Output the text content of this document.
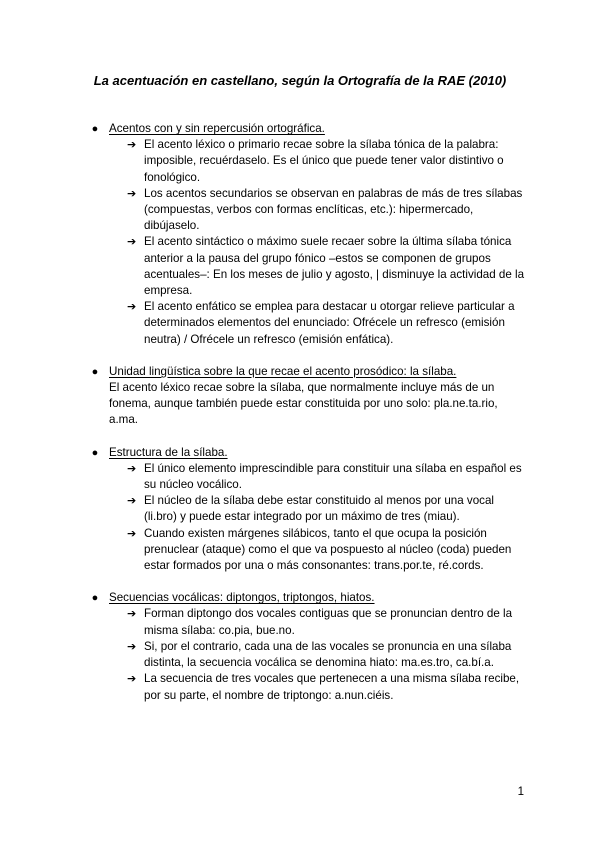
La acentuación en castellano, según la Ortografía de la RAE (2010)
● Acentos con y sin repercusión ortográfica.
➔ El acento léxico o primario recae sobre la sílaba tónica de la palabra: imposible, recuérdaselo. Es el único que puede tener valor distintivo o fonológico.
➔ Los acentos secundarios se observan en palabras de más de tres sílabas (compuestas, verbos con formas enclíticas, etc.): hipermercado, dibújaselo.
➔ El acento sintáctico o máximo suele recaer sobre la última sílaba tónica anterior a la pausa del grupo fónico –estos se componen de grupos acentuales–: En los meses de julio y agosto, | disminuye la actividad de la empresa.
➔ El acento enfático se emplea para destacar u otorgar relieve particular a determinados elementos del enunciado: Ofrécele un refresco (emisión neutra) / Ofrécele un refresco (emisión enfática).
● Unidad lingüística sobre la que recae el acento prosódico: la sílaba.

El acento léxico recae sobre la sílaba, que normalmente incluye más de un fonema, aunque también puede estar constituida por uno solo: pla.ne.ta.rio, a.ma.

● Estructura de la sílaba.
➔ El único elemento imprescindible para constituir una sílaba en español es su núcleo vocálico.
➔ El núcleo de la sílaba debe estar constituido al menos por una vocal (li.bro) y puede estar integrado por un máximo de tres (miau).
➔ Cuando existen márgenes silábicos, tanto el que ocupa la posición prenuclear (ataque) como el que va pospuesto al núcleo (coda) pueden estar formados por una o más consonantes: trans.por.te, ré.cords.
● Secuencias vocálicas: diptongos, triptongos, hiatos.
➔ Forman diptongo dos vocales contiguas que se pronuncian dentro de la misma sílaba: co.pia, bue.no.
➔ Si, por el contrario, cada una de las vocales se pronuncia en una sílaba distinta, la secuencia vocálica se denomina hiato: ma.es.tro, ca.bí.a.
➔ La secuencia de tres vocales que pertenecen a una misma sílaba recibe, por su parte, el nombre de triptongo: a.nun.ciéis.
1
